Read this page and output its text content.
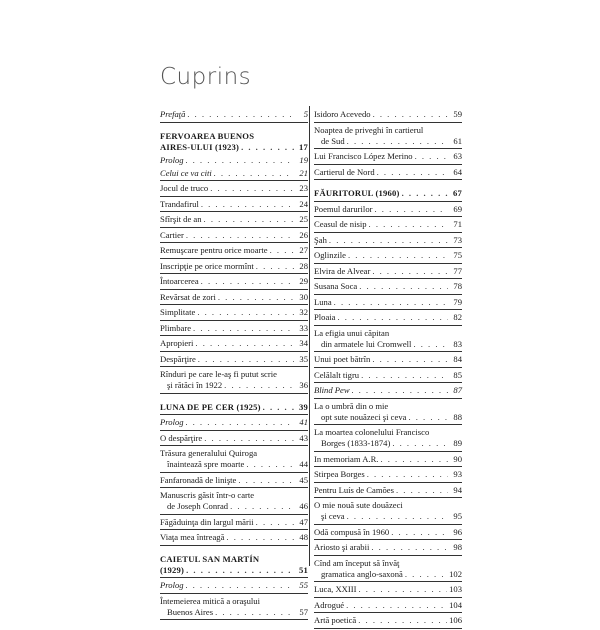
Cuprins
Prefaţă . . .	5
FERVOAREA BUENOS
AIRES-ULUI (1923) . . .	17
Prolog . . .	19
Celui ce va citi . . .	21
Jocul de truco . . .	23
Trandafirul . . .	24
Sfîrşit de an . . .	25
Cartier . . .	26
Remuşcare pentru orice moarte . . .	27
Inscripţie pe orice mormînt . . .	28
Întoarcerea . . .	29
Revărsat de zori . . .	30
Simplitate . . .	32
Plimbare . . .	33
Apropieri . . .	34
Despărţire . . .	35
Rînduri pe care le-aş fi putut scrie
şi rătăci în 1922 . . .	36
LUNA DE PE CER (1925) . . .	39
Prolog . . .	41
O despărţire . . .	43
Trăsura generalului Quiroga
înaintează spre moarte . . .	44
Fanfaronadă de linişte . . .	45
Manuscris găsit într-o carte
de Joseph Conrad . . .	46
Făgăduinţa din largul mării . . .	47
Viaţa mea întreagă . . .	48
CAIETUL SAN MARTÍN
(1929) . . .	51
Prolog . . .	55
Întemeierea mitică a oraşului
Buenos Aires . . .	57
Isidoro Acevedo . . .	59
Noaptea de priveghi în cartierul
de Sud . . .	61
Lui Francisco López Merino . . .	63
Cartierul de Nord . . .	64
FĂURITORUL (1960) . . .	67
Poemul darurilor . . .	69
Ceasul de nisip . . .	71
Şah . . .	73
Oglinzile . . .	75
Elvira de Alvear . . .	77
Susana Soca . . .	78
Luna . . .	79
Ploaia . . .	82
La efigia unui căpitan
din armatele lui Cromwell . . .	83
Unui poet bătrîn . . .	84
Celălalt tigru . . .	85
Blind Pew . . .	87
La o umbră din o mie
opt sute nouăzeci şi ceva . . .	88
La moartea colonelului Francisco
Borges (1833-1874) . . .	89
In memoriam A.R. . . .	90
Stirpea Borges . . .	93
Pentru Luís de Camões . . .	94
O mie nouă sute douăzeci
şi ceva . . .	95
Odă compusă în 1960 . . .	96
Ariosto şi arabii . . .	98
Cînd am început să învăţ
gramatica anglo-saxonă . . .	102
Luca, XXIII . . .	103
Adrogué . . .	104
Artă poetică . . .	106
